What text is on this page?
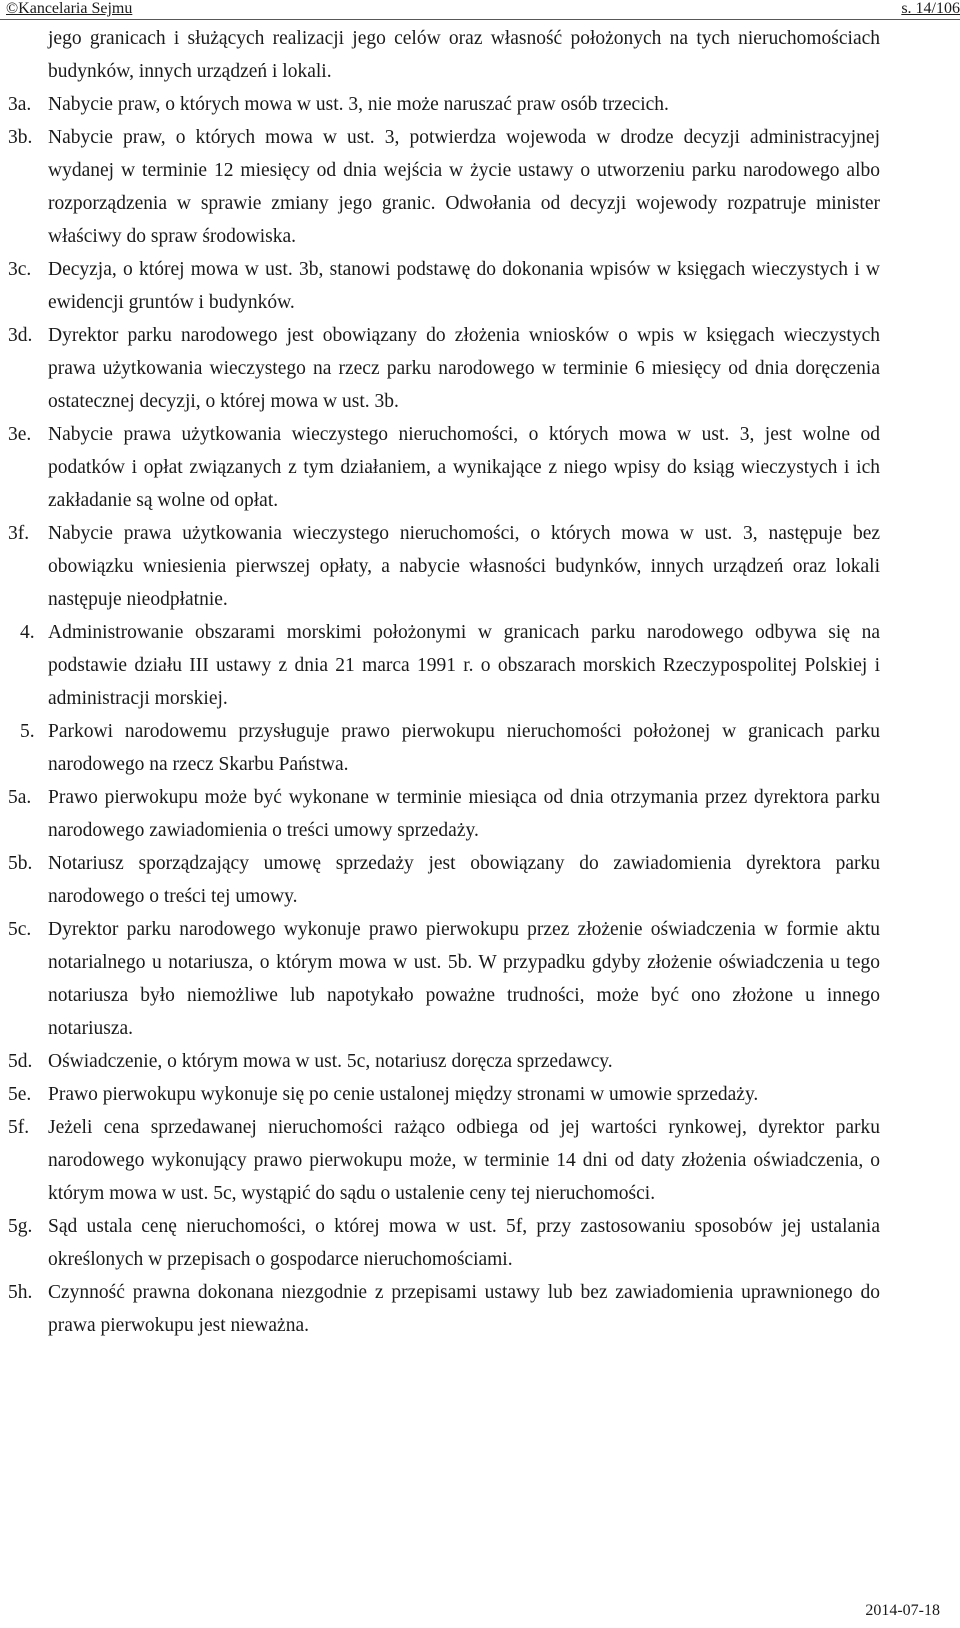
©Kancelaria Sejmu	s. 14/106

jego granicach i służących realizacji jego celów oraz własność położonych na tych nieruchomościach budynków, innych urządzeń i lokali.

3a. Nabycie praw, o których mowa w ust. 3, nie może naruszać praw osób trzecich.

3b. Nabycie praw, o których mowa w ust. 3, potwierdza wojewoda w drodze decyzji administracyjnej wydanej w terminie 12 miesięcy od dnia wejścia w życie ustawy o utworzeniu parku narodowego albo rozporządzenia w sprawie zmiany jego granic. Odwołania od decyzji wojewody rozpatruje minister właściwy do spraw środowiska.

3c. Decyzja, o której mowa w ust. 3b, stanowi podstawę do dokonania wpisów w księgach wieczystych i w ewidencji gruntów i budynków.

3d. Dyrektor parku narodowego jest obowiązany do złożenia wniosków o wpis w księgach wieczystych prawa użytkowania wieczystego na rzecz parku narodowego w terminie 6 miesięcy od dnia doręczenia ostatecznej decyzji, o której mowa w ust. 3b.

3e. Nabycie prawa użytkowania wieczystego nieruchomości, o których mowa w ust. 3, jest wolne od podatków i opłat związanych z tym działaniem, a wynikające z niego wpisy do ksiąg wieczystych i ich zakładanie są wolne od opłat.

3f. Nabycie prawa użytkowania wieczystego nieruchomości, o których mowa w ust. 3, następuje bez obowiązku wniesienia pierwszej opłaty, a nabycie własności budynków, innych urządzeń oraz lokali następuje nieodpłatnie.

4. Administrowanie obszarami morskimi położonymi w granicach parku narodowego odbywa się na podstawie działu III ustawy z dnia 21 marca 1991 r. o obszarach morskich Rzeczypospolitej Polskiej i administracji morskiej.

5. Parkowi narodowemu przysługuje prawo pierwokupu nieruchomości położonej w granicach parku narodowego na rzecz Skarbu Państwa.

5a. Prawo pierwokupu może być wykonane w terminie miesiąca od dnia otrzymania przez dyrektora parku narodowego zawiadomienia o treści umowy sprzedaży.

5b. Notariusz sporządzający umowę sprzedaży jest obowiązany do zawiadomienia dyrektora parku narodowego o treści tej umowy.

5c. Dyrektor parku narodowego wykonuje prawo pierwokupu przez złożenie oświadczenia w formie aktu notarialnego u notariusza, o którym mowa w ust. 5b. W przypadku gdyby złożenie oświadczenia u tego notariusza było niemożliwe lub napotykało poważne trudności, może być ono złożone u innego notariusza.

5d. Oświadczenie, o którym mowa w ust. 5c, notariusz doręcza sprzedawcy.

5e. Prawo pierwokupu wykonuje się po cenie ustalonej między stronami w umowie sprzedaży.

5f. Jeżeli cena sprzedawanej nieruchomości rażąco odbiega od jej wartości rynkowej, dyrektor parku narodowego wykonujący prawo pierwokupu może, w terminie 14 dni od daty złożenia oświadczenia, o którym mowa w ust. 5c, wystąpić do sądu o ustalenie ceny tej nieruchomości.

5g. Sąd ustala cenę nieruchomości, o której mowa w ust. 5f, przy zastosowaniu sposobów jej ustalania określonych w przepisach o gospodarce nieruchomościami.

5h. Czynność prawna dokonana niezgodnie z przepisami ustawy lub bez zawiadomienia uprawnionego do prawa pierwokupu jest nieważna.

2014-07-18
